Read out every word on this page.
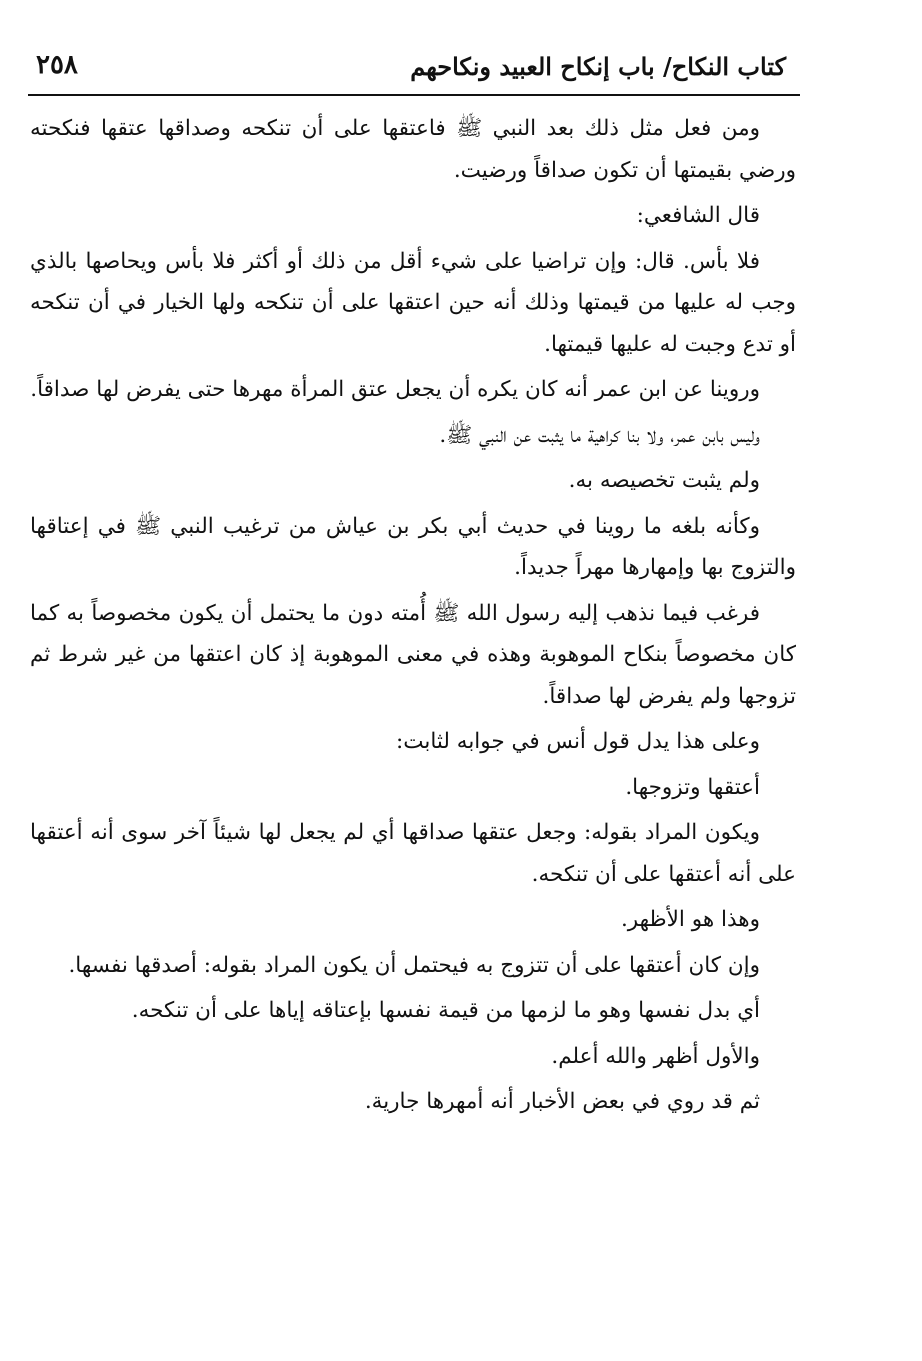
كتاب النكاح/ باب إنكاح العبيد ونكاحهم
٢٥٨

ومن فعل مثل ذلك بعد النبي ﷺ فاعتقها على أن تنكحه وصداقها عتقها فنكحته ورضي بقيمتها أن تكون صداقاً ورضيت.

قال الشافعي:

فلا بأس. قال: وإن تراضيا على شيء أقل من ذلك أو أكثر فلا بأس ويحاصها بالذي وجب له عليها من قيمتها وذلك أنه حين اعتقها على أن تنكحه ولها الخيار في أن تنكحه أو تدع وجبت له عليها قيمتها.

وروينا عن ابن عمر أنه كان يكره أن يجعل عتق المرأة مهرها حتى يفرض لها صداقاً.

وليس بابن عمر، ولا بنا كراهية ما يثبت عن النبي ﷺ.

ولم يثبت تخصيصه به.

وكأنه بلغه ما روينا في حديث أبي بكر بن عياش من ترغيب النبي ﷺ في إعتاقها والتزوج بها وإمهارها مهراً جديداً.

فرغب فيما نذهب إليه رسول الله ﷺ أُمته دون ما يحتمل أن يكون مخصوصاً به كما كان مخصوصاً بنكاح الموهوبة وهذه في معنى الموهوبة إذ كان اعتقها من غير شرط ثم تزوجها ولم يفرض لها صداقاً.

وعلى هذا يدل قول أنس في جوابه لثابت:

أعتقها وتزوجها.

ويكون المراد بقوله: وجعل عتقها صداقها أي لم يجعل لها شيئاً آخر سوى أنه أعتقها على أنه أعتقها على أن تنكحه.

وهذا هو الأظهر.

وإن كان أعتقها على أن تتزوج به فيحتمل أن يكون المراد بقوله: أصدقها نفسها.

أي بدل نفسها وهو ما لزمها من قيمة نفسها بإعتاقه إياها على أن تنكحه.

والأول أظهر والله أعلم.

ثم قد روي في بعض الأخبار أنه أمهرها جارية.
